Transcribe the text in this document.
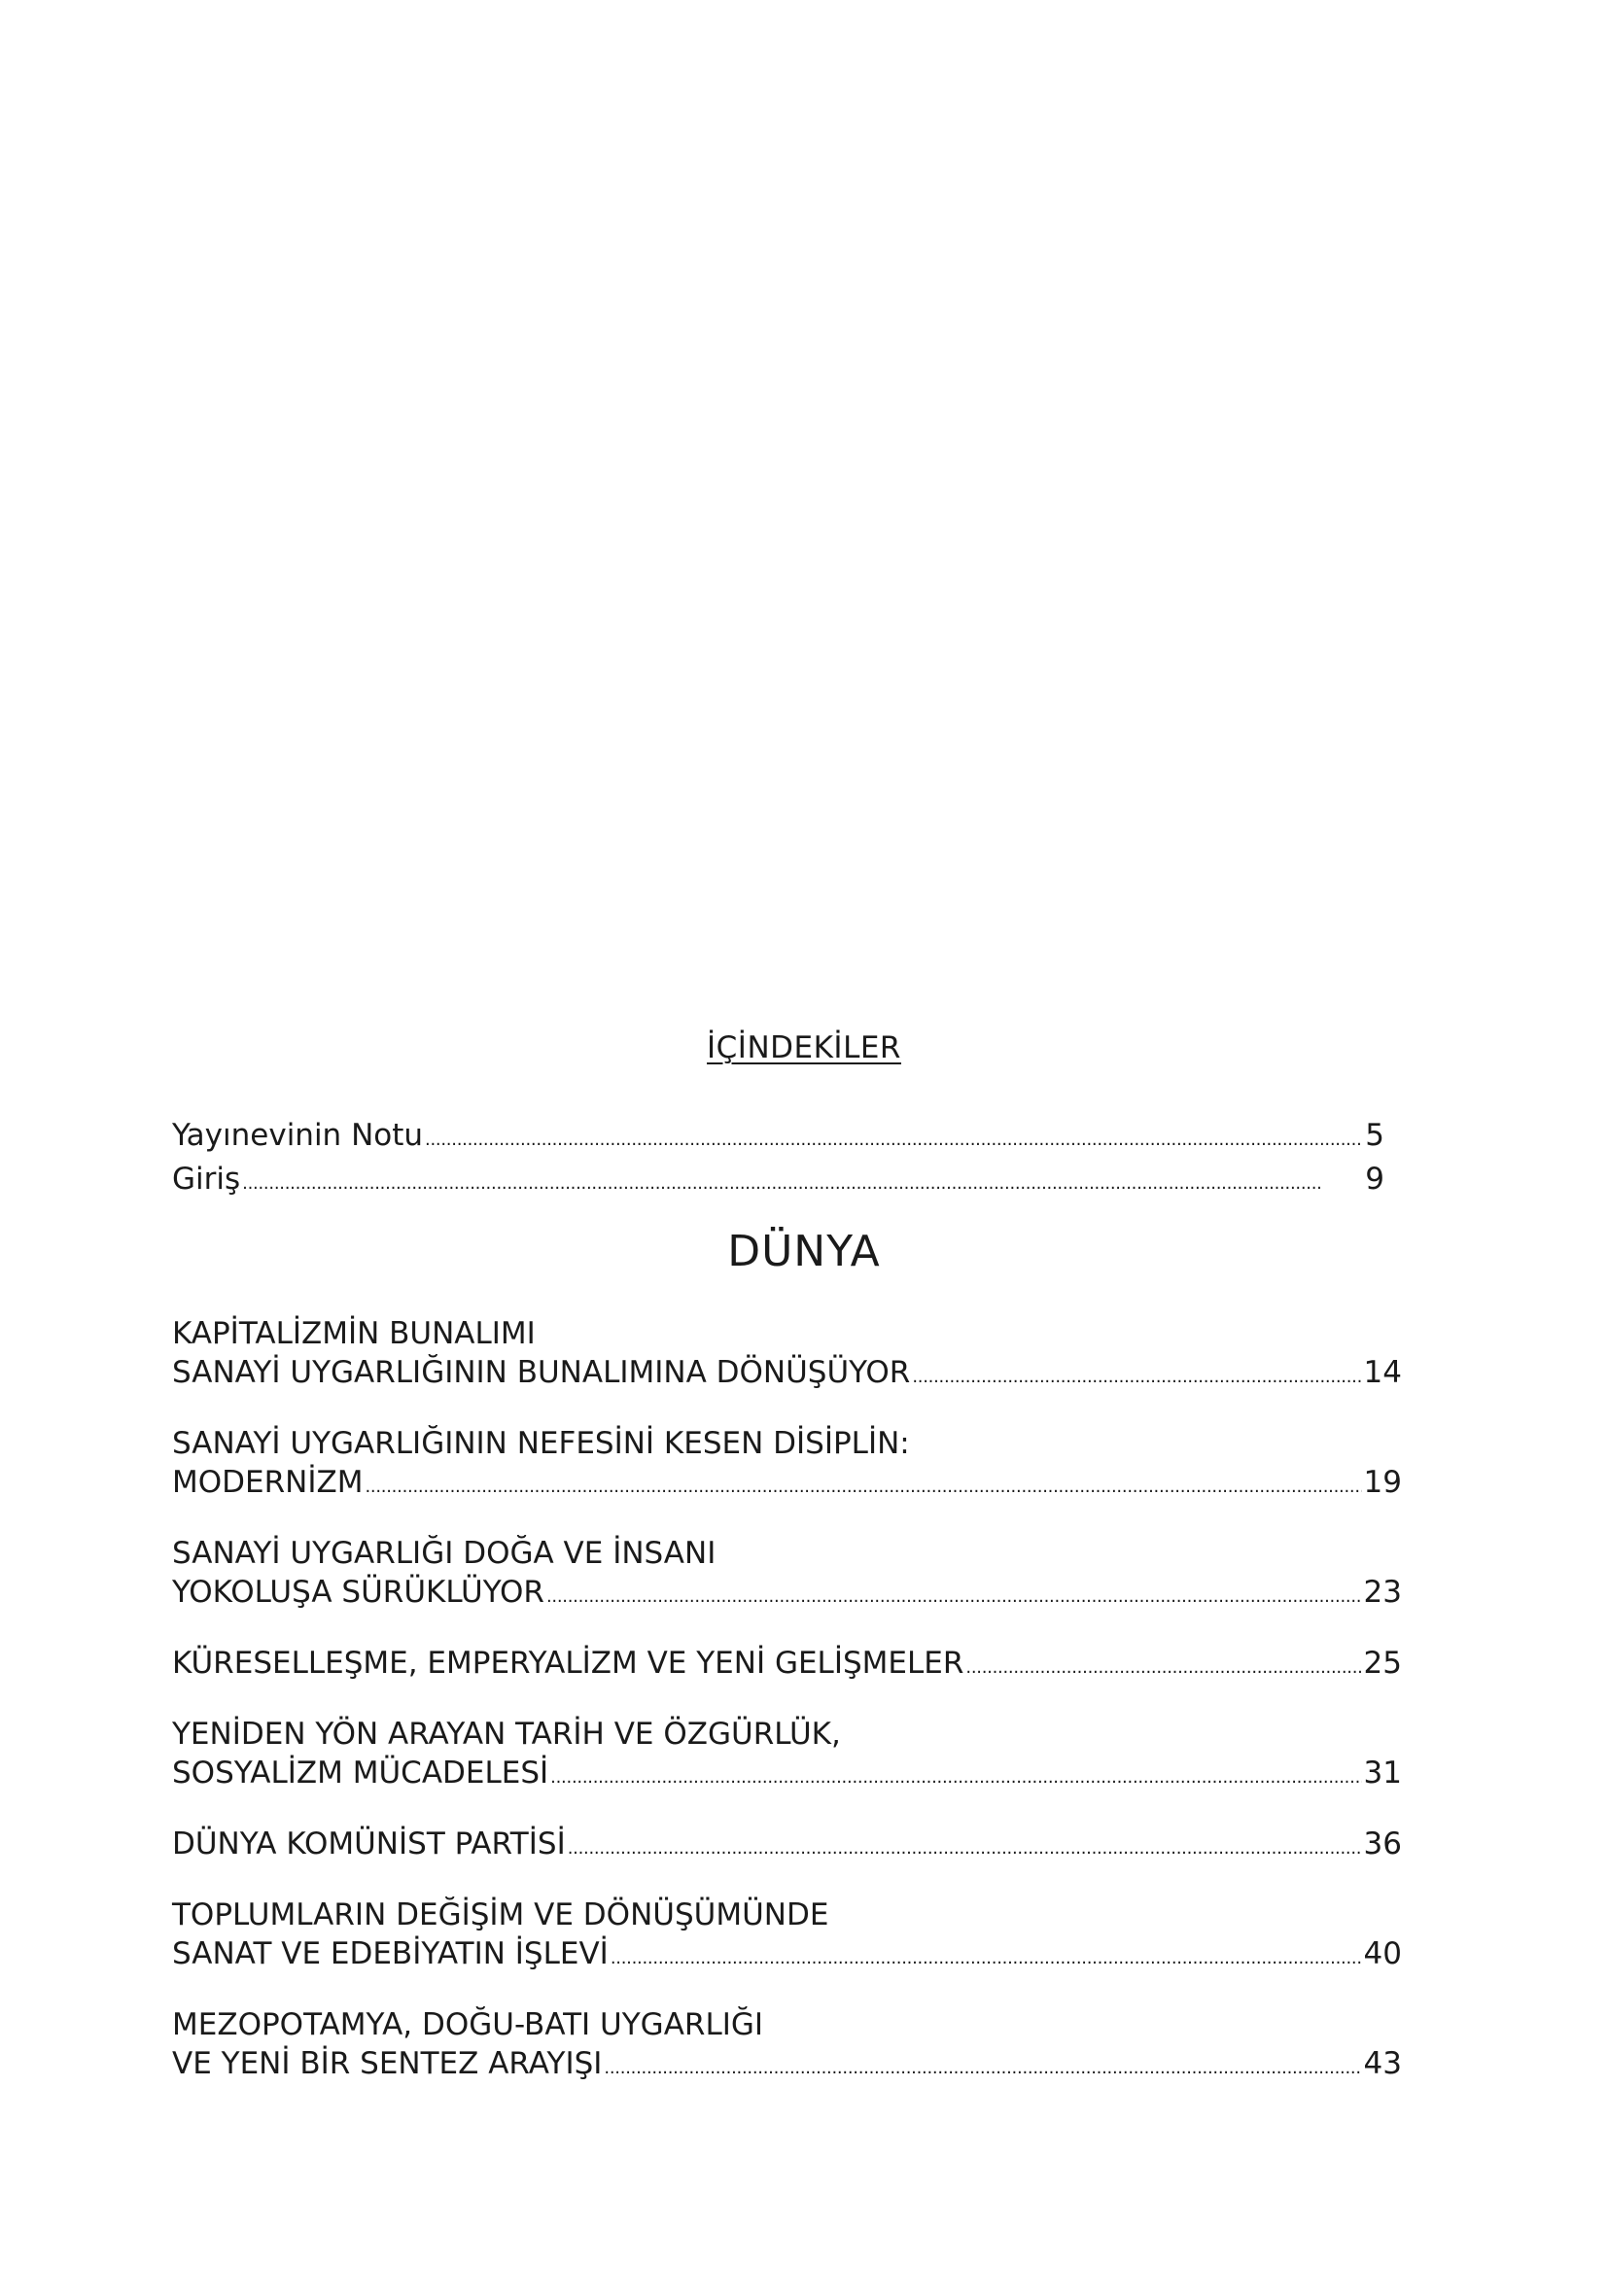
İÇİNDEKİLER
Yayınevinin Notu . . .	5
Giriş . . .	9
DÜNYA
KAPİTALİZMİN BUNALIMI
SANAYİ UYGARLIĞININ BUNALIMINA DÖNÜŞÜYOR . . .	14
SANAYİ UYGARLIĞININ NEFESİNİ KESEN DİSİPLİN:
MODERNİZM . . .	19
SANAYİ UYGARLIĞI DOĞA VE İNSANI
YOKOLUŞA SÜRÜKLÜYOR . . .	23
KÜRESELLEŞME, EMPERYALİZM VE YENİ GELİŞMELER . . .	25
YENİDEN YÖN ARAYAN TARİH VE ÖZGÜRLÜK,
SOSYALİZM MÜCADELESİ . . .	31
DÜNYA KOMÜNİST PARTİSİ . . .	36
TOPLUMLARIN DEĞİŞİM VE DÖNÜŞÜMÜNDE
SANAT VE EDEBİYATIN İŞLEVİ . . .	40
MEZOPOTAMYA, DOĞU-BATI UYGARLIĞI
VE YENİ BİR SENTEZ ARAYIŞI . . .	43
